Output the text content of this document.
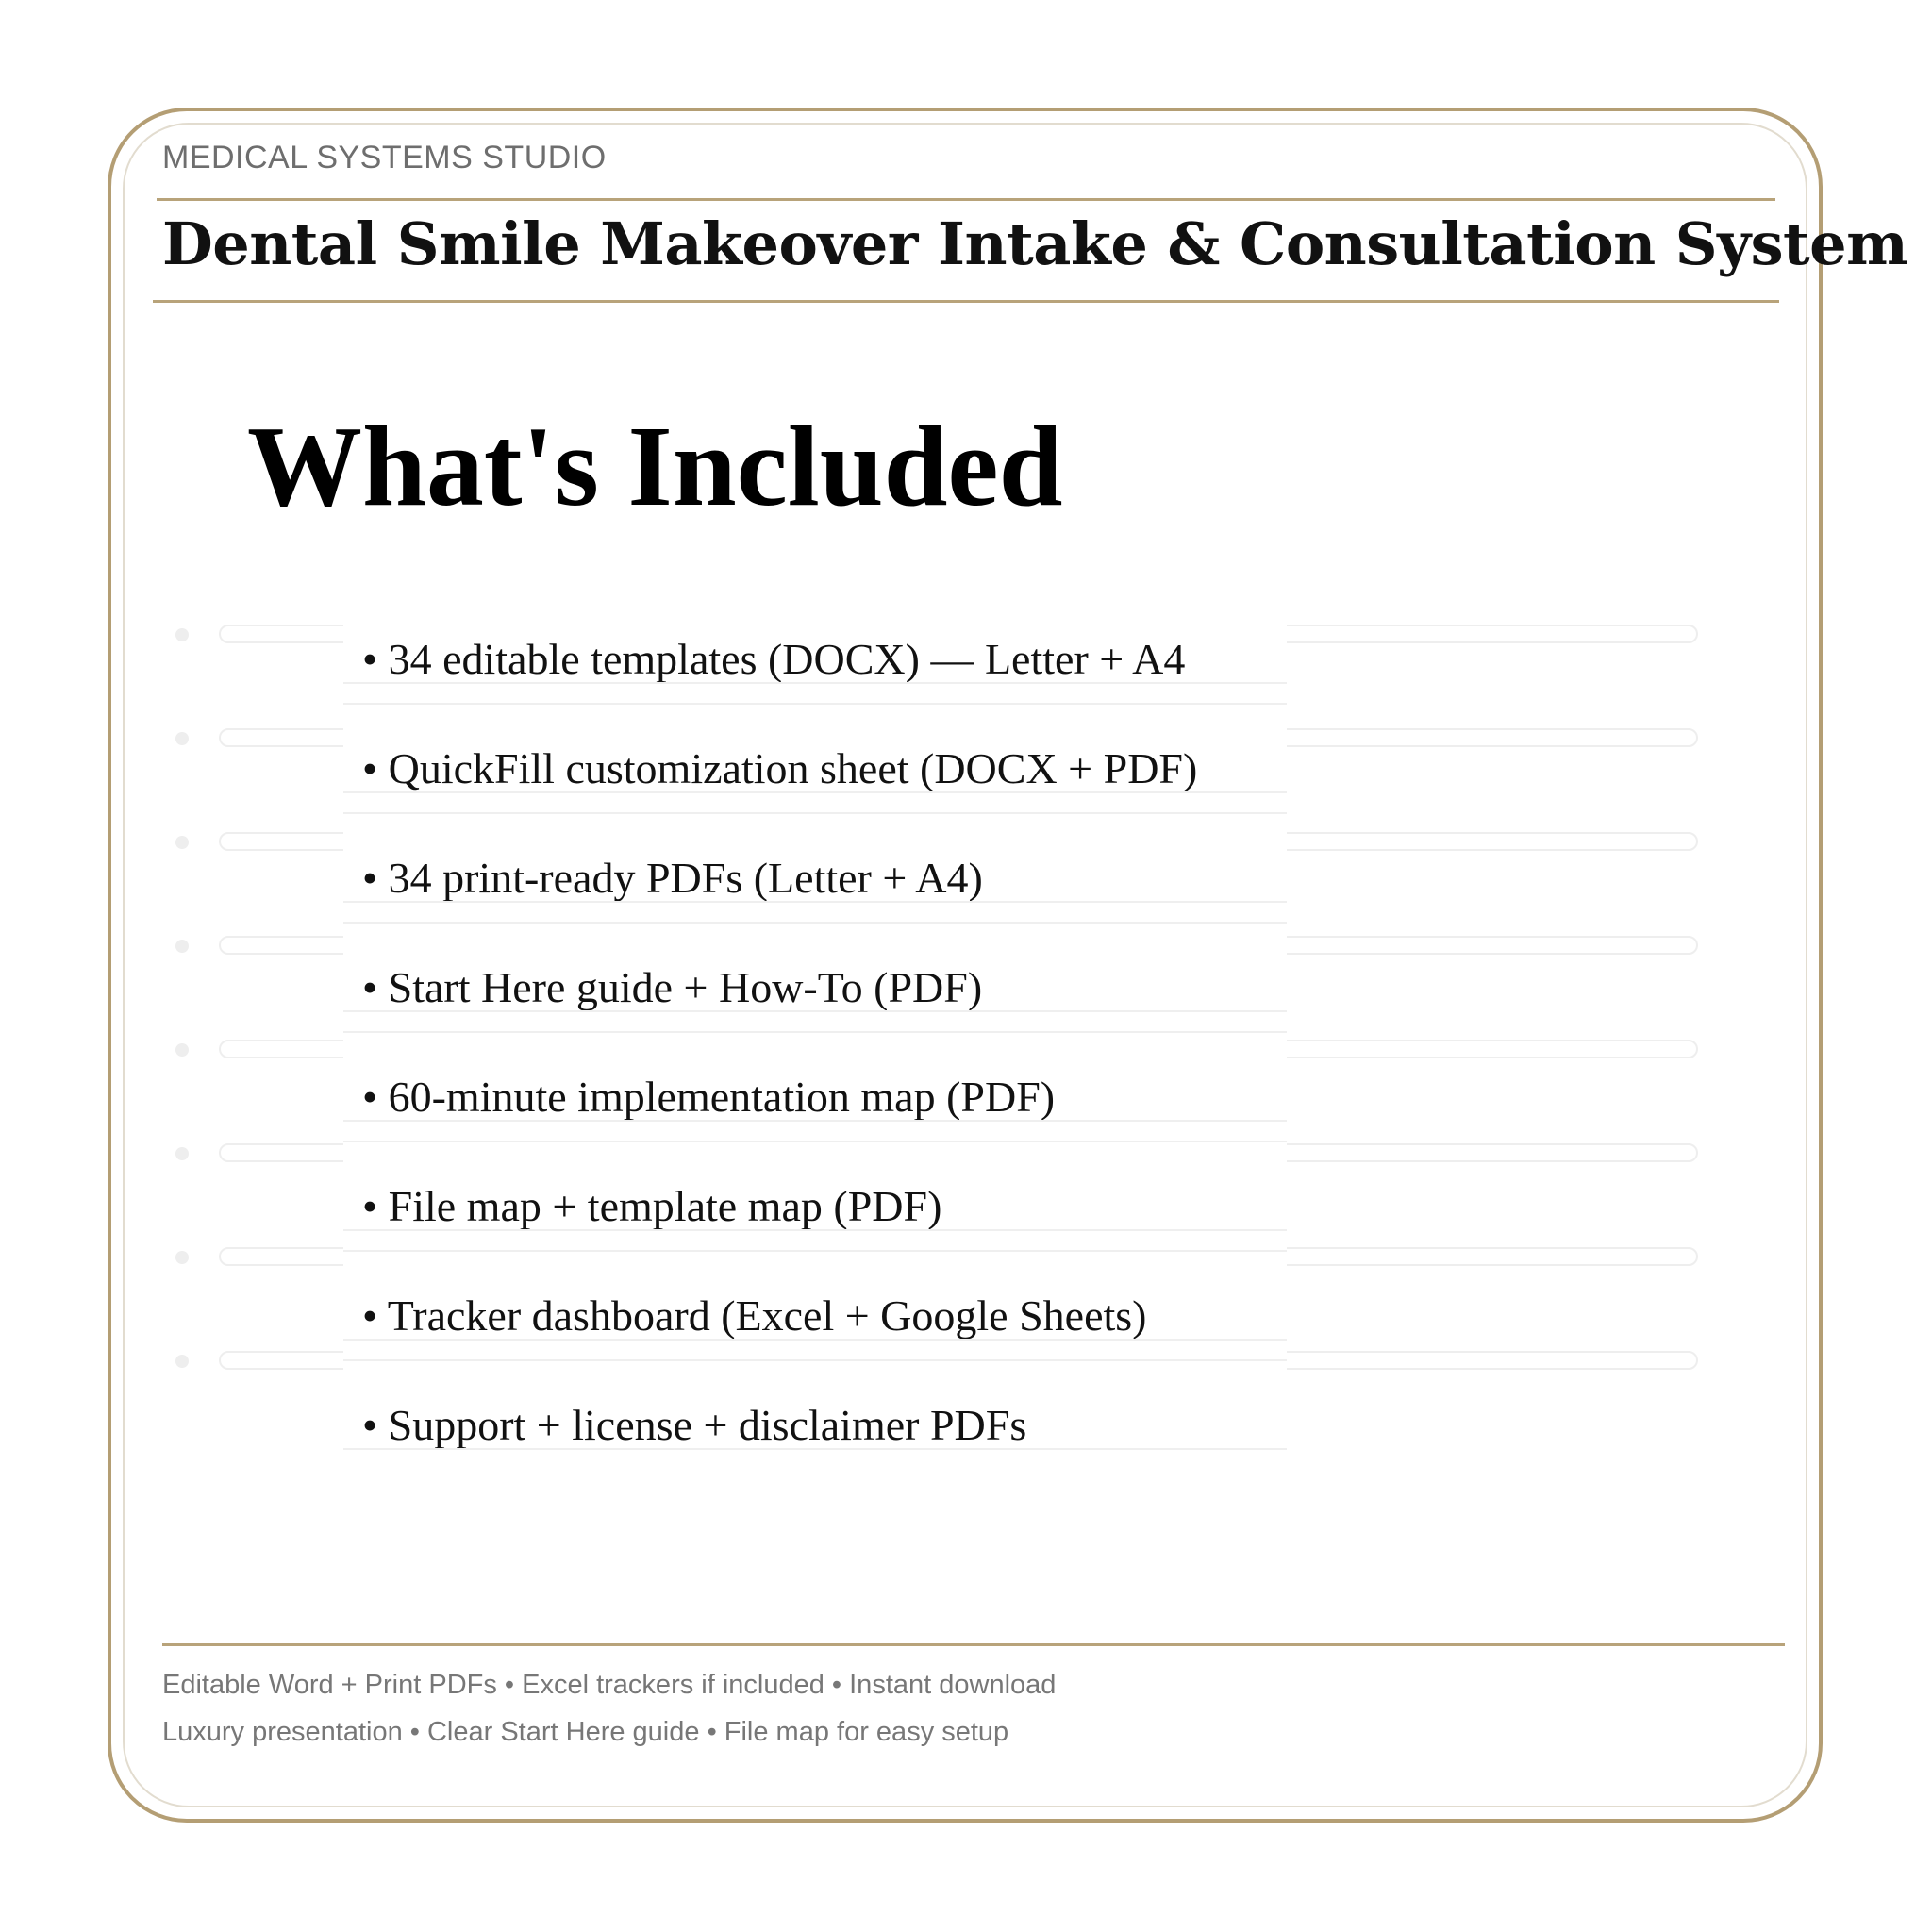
MEDICAL SYSTEMS STUDIO
Dental Smile Makeover Intake & Consultation System
What's Included
• 34 editable templates (DOCX) — Letter + A4
• QuickFill customization sheet (DOCX + PDF)
• 34 print-ready PDFs (Letter + A4)
• Start Here guide + How-To (PDF)
• 60-minute implementation map (PDF)
• File map + template map (PDF)
• Tracker dashboard (Excel + Google Sheets)
• Support + license + disclaimer PDFs
Editable Word + Print PDFs • Excel trackers if included • Instant download
Luxury presentation • Clear Start Here guide • File map for easy setup
